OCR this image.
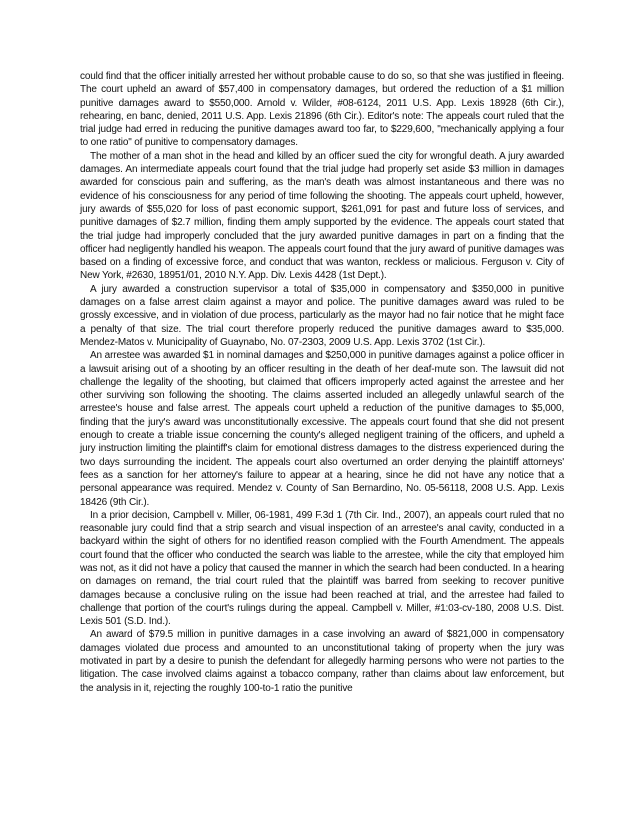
could find that the officer initially arrested her without probable cause to do so, so that she was justified in fleeing. The court upheld an award of $57,400 in compensatory damages, but ordered the reduction of a $1 million punitive damages award to $550,000. Arnold v. Wilder, #08-6124, 2011 U.S. App. Lexis 18928 (6th Cir.), rehearing, en banc, denied, 2011 U.S. App. Lexis 21896 (6th Cir.). Editor's note: The appeals court ruled that the trial judge had erred in reducing the punitive damages award too far, to $229,600, "mechanically applying a four to one ratio" of punitive to compensatory damages.

The mother of a man shot in the head and killed by an officer sued the city for wrongful death. A jury awarded damages. An intermediate appeals court found that the trial judge had properly set aside $3 million in damages awarded for conscious pain and suffering, as the man's death was almost instantaneous and there was no evidence of his consciousness for any period of time following the shooting. The appeals court upheld, however, jury awards of $55,020 for loss of past economic support, $261,091 for past and future loss of services, and punitive damages of $2.7 million, finding them amply supported by the evidence. The appeals court stated that the trial judge had improperly concluded that the jury awarded punitive damages in part on a finding that the officer had negligently handled his weapon. The appeals court found that the jury award of punitive damages was based on a finding of excessive force, and conduct that was wanton, reckless or malicious. Ferguson v. City of New York, #2630, 18951/01, 2010 N.Y. App. Div. Lexis 4428 (1st Dept.).

A jury awarded a construction supervisor a total of $35,000 in compensatory and $350,000 in punitive damages on a false arrest claim against a mayor and police. The punitive damages award was ruled to be grossly excessive, and in violation of due process, particularly as the mayor had no fair notice that he might face a penalty of that size. The trial court therefore properly reduced the punitive damages award to $35,000. Mendez-Matos v. Municipality of Guaynabo, No. 07-2303, 2009 U.S. App. Lexis 3702 (1st Cir.).

An arrestee was awarded $1 in nominal damages and $250,000 in punitive damages against a police officer in a lawsuit arising out of a shooting by an officer resulting in the death of her deaf-mute son. The lawsuit did not challenge the legality of the shooting, but claimed that officers improperly acted against the arrestee and her other surviving son following the shooting. The claims asserted included an allegedly unlawful search of the arrestee's house and false arrest. The appeals court upheld a reduction of the punitive damages to $5,000, finding that the jury's award was unconstitutionally excessive. The appeals court found that she did not present enough to create a triable issue concerning the county's alleged negligent training of the officers, and upheld a jury instruction limiting the plaintiff's claim for emotional distress damages to the distress experienced during the two days surrounding the incident. The appeals court also overturned an order denying the plaintiff attorneys' fees as a sanction for her attorney's failure to appear at a hearing, since he did not have any notice that a personal appearance was required. Mendez v. County of San Bernardino, No. 05-56118, 2008 U.S. App. Lexis 18426 (9th Cir.).

In a prior decision, Campbell v. Miller, 06-1981, 499 F.3d 1 (7th Cir. Ind., 2007), an appeals court ruled that no reasonable jury could find that a strip search and visual inspection of an arrestee's anal cavity, conducted in a backyard within the sight of others for no identified reason complied with the Fourth Amendment. The appeals court found that the officer who conducted the search was liable to the arrestee, while the city that employed him was not, as it did not have a policy that caused the manner in which the search had been conducted. In a hearing on damages on remand, the trial court ruled that the plaintiff was barred from seeking to recover punitive damages because a conclusive ruling on the issue had been reached at trial, and the arrestee had failed to challenge that portion of the court's rulings during the appeal. Campbell v. Miller, #1:03-cv-180, 2008 U.S. Dist. Lexis 501 (S.D. Ind.).

An award of $79.5 million in punitive damages in a case involving an award of $821,000 in compensatory damages violated due process and amounted to an unconstitutional taking of property when the jury was motivated in part by a desire to punish the defendant for allegedly harming persons who were not parties to the litigation. The case involved claims against a tobacco company, rather than claims about law enforcement, but the analysis in it, rejecting the roughly 100-to-1 ratio the punitive
